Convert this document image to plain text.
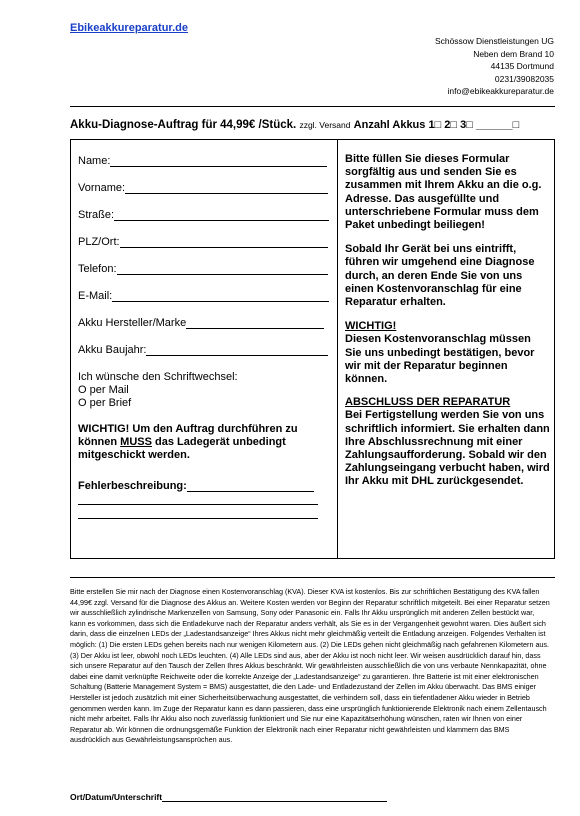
Ebikeakkureparatur.de
Schössow Dienstleistungen UG
Neben dem Brand 10
44135 Dortmund
0231/39082035
info@ebikeakkureparatur.de
Akku-Diagnose-Auftrag für 44,99€ /Stück. zzgl. Versand Anzahl Akkus 1□ 2□ 3□ ______□
Name:
Vorname:
Straße:
PLZ/Ort:
Telefon:
E-Mail:
Akku Hersteller/Marke
Akku Baujahr:
Ich wünsche den Schriftwechsel:
O per Mail
O per Brief
WICHTIG! Um den Auftrag durchführen zu können MUSS das Ladegerät unbedingt mitgeschickt werden.
Fehlerbeschreibung:

Bitte füllen Sie dieses Formular sorgfältig aus und senden Sie es zusammen mit Ihrem Akku an die o.g. Adresse. Das ausgefüllte und unterschriebene Formular muss dem Paket unbedingt beiliegen!

Sobald Ihr Gerät bei uns eintrifft, führen wir umgehend eine Diagnose durch, an deren Ende Sie von uns einen Kostenvoranschlag für eine Reparatur erhalten.

WICHTIG!
Diesen Kostenvoranschlag müssen Sie uns unbedingt bestätigen, bevor wir mit der Reparatur beginnen können.

ABSCHLUSS DER REPARATUR
Bei Fertigstellung werden Sie von uns schriftlich informiert. Sie erhalten dann Ihre Abschlussrechnung mit einer Zahlungsaufforderung. Sobald wir den Zahlungseingang verbucht haben, wird Ihr Akku mit DHL zurückgesendet.

Bitte erstellen Sie mir nach der Diagnose einen Kostenvoranschlag (KVA). Dieser KVA ist kostenlos. Bis zur schriftlichen Bestätigung des KVA fallen 44,99€ zzgl. Versand für die Diagnose des Akkus an. Weitere Kosten werden vor Beginn der Reparatur schriftlich mitgeteilt. Bei einer Reparatur setzen wir ausschließlich zylindrische Markenzellen von Samsung, Sony oder Panasonic ein. Falls Ihr Akku ursprünglich mit anderen Zellen bestückt war, kann es vorkommen, dass sich die Entladekurve nach der Reparatur anders verhält, als Sie es in der Vergangenheit gewohnt waren. Dies äußert sich darin, dass die einzelnen LEDs der „Ladestandsanzeige“ Ihres Akkus nicht mehr gleichmäßig verteilt die Entladung anzeigen. Folgendes Verhalten ist möglich: (1) Die ersten LEDs gehen bereits nach nur wenigen Kilometern aus. (2) Die LEDs gehen nicht gleichmäßig nach gefahrenen Kilometern aus. (3) Der Akku ist leer, obwohl noch LEDs leuchten. (4) Alle LEDs sind aus, aber der Akku ist noch nicht leer. Wir weisen ausdrücklich darauf hin, dass sich unsere Reparatur auf den Tausch der Zellen Ihres Akkus beschränkt. Wir gewährleisten ausschließlich die von uns verbaute Nennkapazität, ohne dabei eine damit verknüpfte Reichweite oder die korrekte Anzeige der „Ladestandsanzeige“ zu garantieren. Ihre Batterie ist mit einer elektronischen Schaltung (Batterie Management System = BMS) ausgestattet, die den Lade- und Entladezustand der Zellen im Akku überwacht. Das BMS einiger Hersteller ist jedoch zusätzlich mit einer Sicherheitsüberwachung ausgestattet, die verhindern soll, dass ein tiefentladener Akku wieder in Betrieb genommen werden kann. Im Zuge der Reparatur kann es dann passieren, dass eine ursprünglich funktionierende Elektronik nach einem Zellentausch nicht mehr arbeitet. Falls Ihr Akku also noch zuverlässig funktioniert und Sie nur eine Kapazitätserhöhung wünschen, raten wir Ihnen von einer Reparatur ab. Wir können die ordnungsgemäße Funktion der Elektronik nach einer Reparatur nicht gewährleisten und klammern das BMS ausdrücklich aus Gewährleistungsansprüchen aus.
Ort/Datum/Unterschrift
